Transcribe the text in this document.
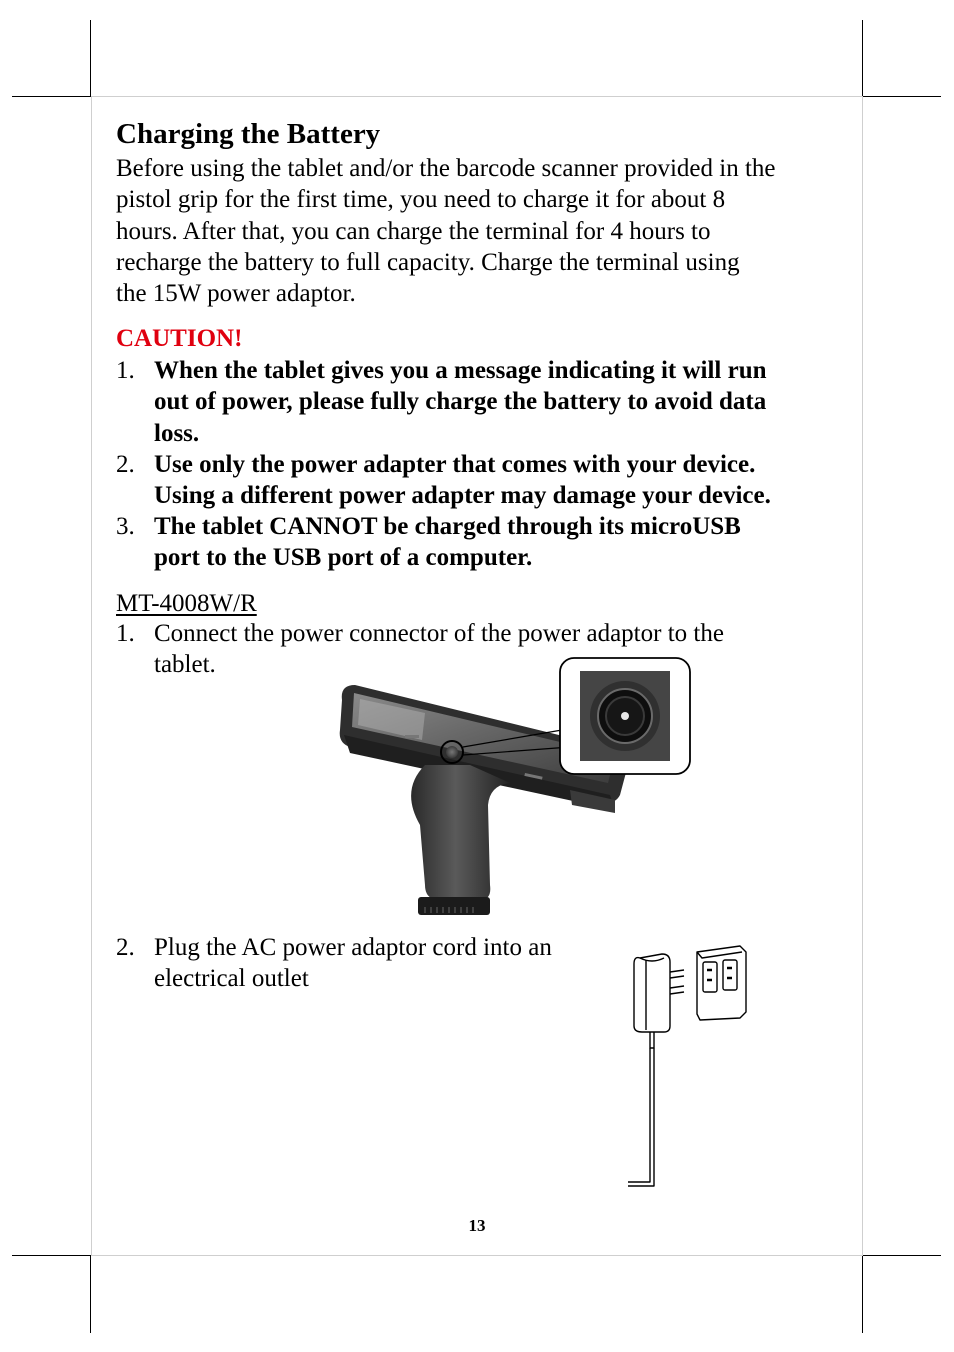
Charging the Battery
Before using the tablet and/or the barcode scanner provided in the
pistol grip for the first time, you need to charge it for about 8
hours. After that, you can charge the terminal for 4 hours to
recharge the battery to full capacity. Charge the terminal using
the 15W power adaptor.
CAUTION!
1. When the tablet gives you a message indicating it will run
out of power, please fully charge the battery to avoid data
loss.
2. Use only the power adapter that comes with your device.
Using a different power adapter may damage your device.
3. The tablet CANNOT be charged through its microUSB
port to the USB port of a computer.
MT-4008W/R
1. Connect the power connector of the power adaptor to the
tablet.
2. Plug the AC power adaptor cord into an
electrical outlet
13
